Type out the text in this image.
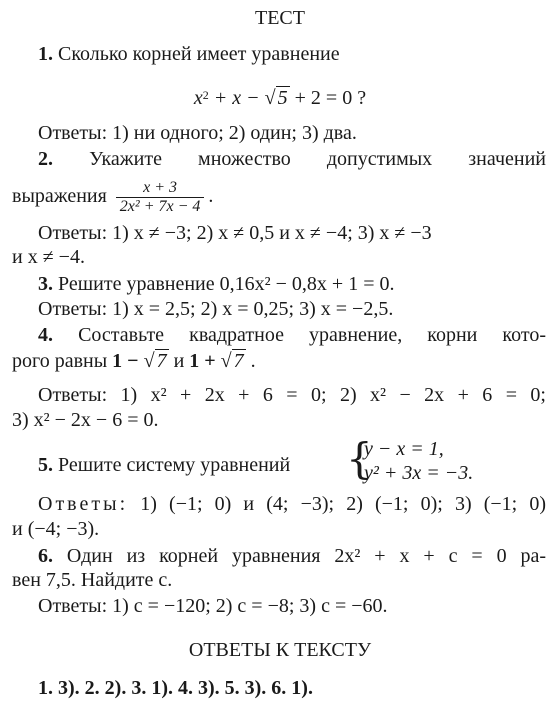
ТЕСТ
1. Сколько корней имеет уравнение
$x^2 + x$ − √ 5 + 2 = 0 ?
Ответы: 1) ни одного; 2) один; 3) два.
2. Укажите множество допустимых значений
выражения $\frac{x + 3}{\text{2x² + 7x − 4}}$ .
Ответы: 1) x ≠ −3; 2) x ≠ 0,5 и x ≠ −4; 3) x ≠ −3
и x ≠ −4.
3. Решите уравнение 0,16x² − 0,8x + 1 = 0.
Ответы: 1) x = 2,5; 2) x = 0,25; 3) x = −2,5.
4. Составьте квадратное уравнение, корни кото-
рого равны 1 − √ 7 и 1 + √ 7 .
Ответы: 1) x² + 2x + 6 = 0; 2) x² − 2x + 6 = 0;
3) x² − 2x − 6 = 0.
5. Решите систему уравнений	{
y − x = 1,
y² + 3x = −3.
Ответы: 1) (−1; 0) и (4; −3); 2) (−1; 0); 3) (−1; 0)
и (−4; −3).
6. Один из корней уравнения 2x² + x + c = 0 ра-
вен 7,5. Найдите c.
Ответы: 1) c = −120; 2) c = −8; 3) c = −60.
ОТВЕТЫ К ТЕКСТУ
1. 3). 2. 2). 3. 1). 4. 3). 5. 3). 6. 1).
